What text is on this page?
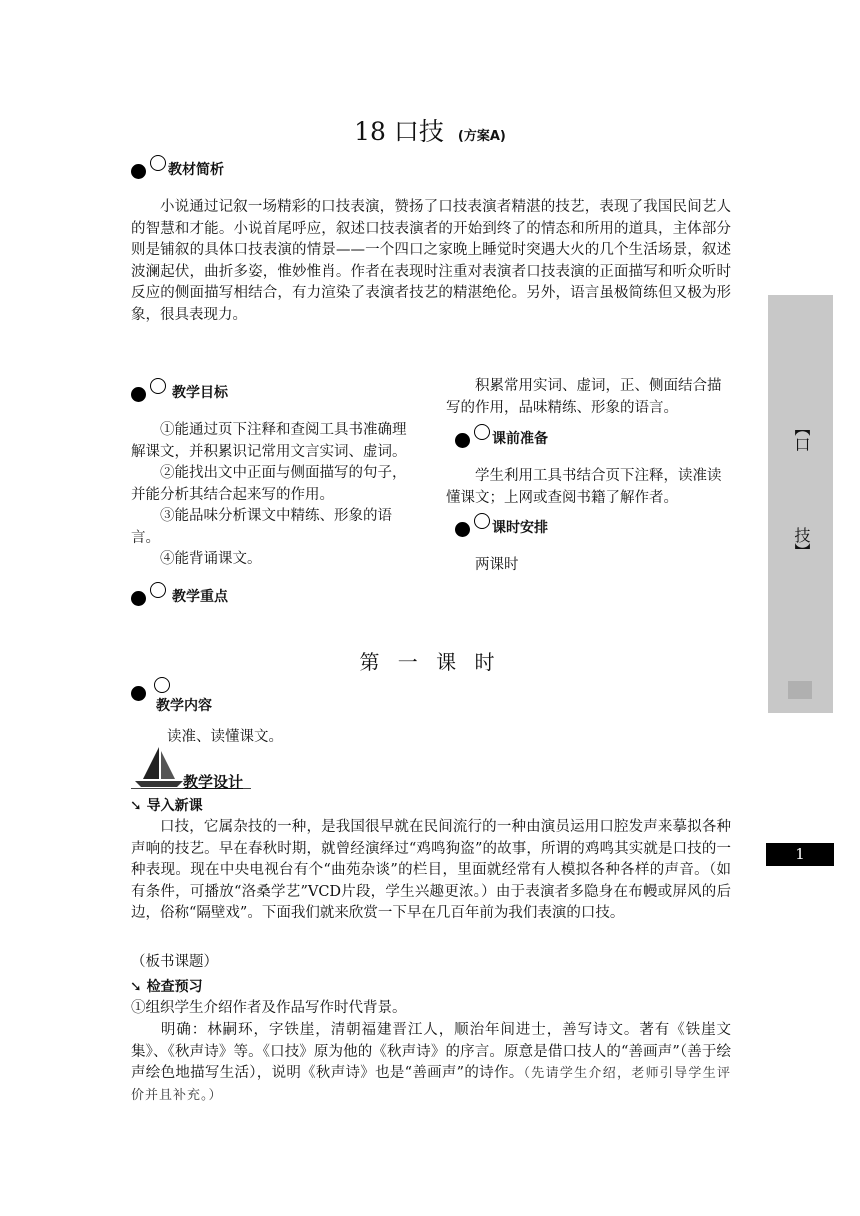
18 口技 (方案A)
教材简析
小说通过记叙一场精彩的口技表演，赞扬了口技表演者精湛的技艺，表现了我国民间艺人的智慧和才能。小说首尾呼应，叙述口技表演者的开始到终了的情态和所用的道具，主体部分则是铺叙的具体口技表演的情景——一个四口之家晚上睡觉时突遇大火的几个生活场景，叙述波澜起伏，曲折多姿，惟妙惟肖。作者在表现时注重对表演者口技表演的正面描写和听众听时反应的侧面描写相结合，有力渲染了表演者技艺的精湛绝伦。另外，语言虽极简练但又极为形象，很具表现力。
教学目标

①能通过页下注释和查阅工具书准确理解课文，并积累识记常用文言实词、虚词。

②能找出文中正面与侧面描写的句子，并能分析其结合起来写的作用。

③能品味分析课文中精练、形象的语言。

④能背诵课文。

教学重点

积累常用实词、虚词，正、侧面结合描写的作用，品味精练、形象的语言。

课前准备

学生利用工具书结合页下注释，读准读懂课文；上网或查阅书籍了解作者。

课时安排

两课时

第 一 课 时
教学内容
读准、读懂课文。
教学设计
➘ 导入新课
口技，它属杂技的一种，是我国很早就在民间流行的一种由演员运用口腔发声来摹拟各种声响的技艺。早在春秋时期，就曾经演绎过“鸡鸣狗盗”的故事，所谓的鸡鸣其实就是口技的一种表现。现在中央电视台有个“曲苑杂谈”的栏目，里面就经常有人模拟各种各样的声音。（如有条件，可播放“洛桑学艺”VCD片段，学生兴趣更浓。）由于表演者多隐身在布幔或屏风的后边，俗称“隔壁戏”。下面我们就来欣赏一下早在几百年前为我们表演的口技。
（板书课题）
➘ 检查预习
①组织学生介绍作者及作品写作时代背景。
明确：林嗣环，字铁崖，清朝福建晋江人，顺治年间进士，善写诗文。著有《铁崖文集》、《秋声诗》等。《口技》原为他的《秋声诗》的序言。原意是借口技人的“善画声”（善于绘声绘色地描写生活），说明《秋声诗》也是“善画声”的诗作。（先请学生介绍，老师引导学生评价并且补充。）
【口
技】
1
